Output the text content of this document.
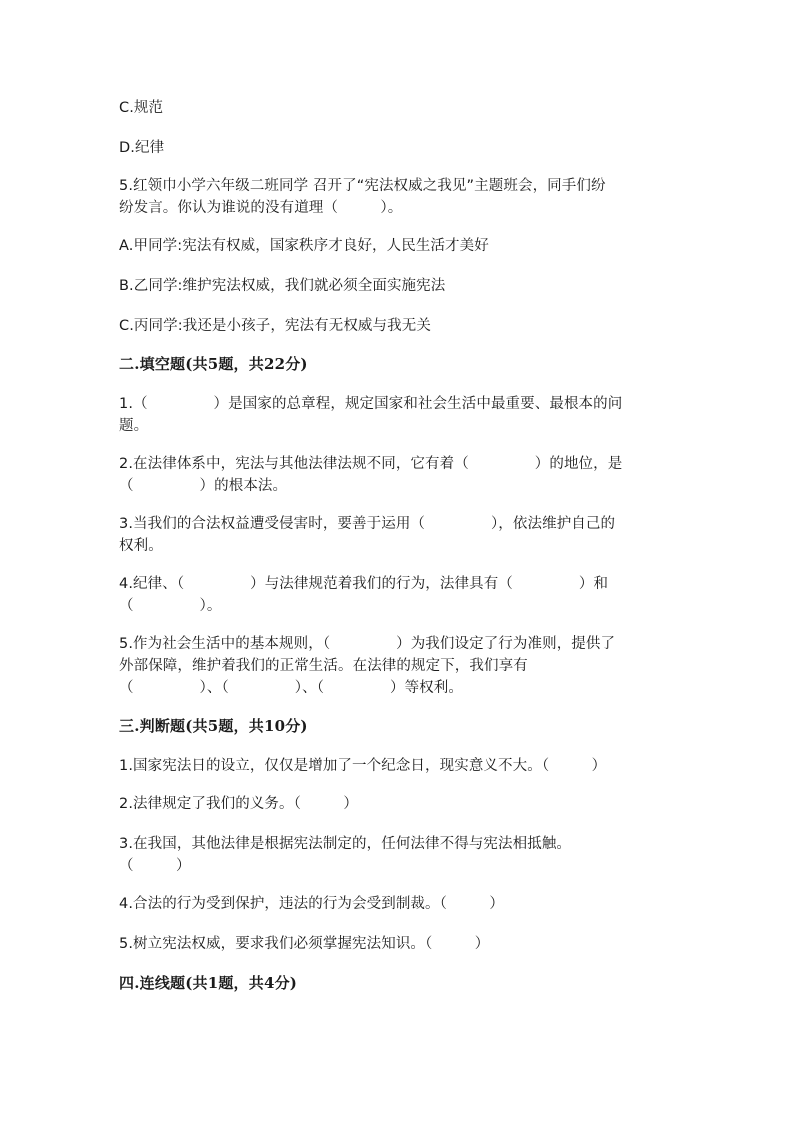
C.规范
D.纪律
5.红领巾小学六年级二班同学 召开了“宪法权威之我见”主题班会，同手们纷
纷发言。你认为谁说的没有道理（         ）。
A.甲同学:宪法有权威，国家秩序才良好，人民生活才美好
B.乙同学:维护宪法权威，我们就必须全面实施宪法
C.丙同学:我还是小孩子，宪法有无权威与我无关
二.填空题(共5题，共22分)
1.（              ）是国家的总章程，规定国家和社会生活中最重要、最根本的问
题。
2.在法律体系中，宪法与其他法律法规不同，它有着（              ）的地位，是
（              ）的根本法。
3.当我们的合法权益遭受侵害时，要善于运用（              ），依法维护自己的
权利。
4.纪律、（              ）与法律规范着我们的行为，法律具有（              ）和
（              ）。
5.作为社会生活中的基本规则，（              ）为我们设定了行为准则，提供了
外部保障，维护着我们的正常生活。在法律的规定下，我们享有
（              ）、（              ）、（              ）等权利。
三.判断题(共5题，共10分)
1.国家宪法日的设立，仅仅是增加了一个纪念日，现实意义不大。（         ）
2.法律规定了我们的义务。（         ）
3.在我国，其他法律是根据宪法制定的，任何法律不得与宪法相抵触。
（         ）
4.合法的行为受到保护，违法的行为会受到制裁。（         ）
5.树立宪法权威，要求我们必须掌握宪法知识。（         ）
四.连线题(共1题，共4分)
